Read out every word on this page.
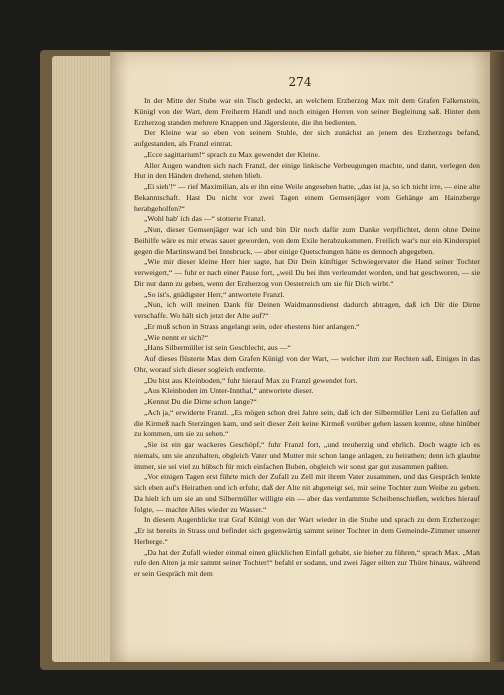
274

In der Mitte der Stube war ein Tisch gedeckt, an welchem Erzherzog Max mit dem Grafen Falkenstein, Künigl von der Wart, dem Freiherrn Handl und noch einigen Herren von seiner Begleitung saß. Hinter dem Erzherzog standen mehrere Knappen und Jägersleute, die ihn bedienten.

Der Kleine war so eben von seinem Stuhle, der sich zunächst an jenem des Erzherzogs befand, aufgestanden, als Franzl eintrat.

„Ecce sagittarium!“ sprach zu Max gewendet der Kleine.

Aller Augen wandten sich nach Franzl, der einige linkische Verbeugungen machte, und dann, verlegen den Hut in den Händen drehend, stehen blieb.

„Ei sieh'!“ — rief Maximilian, als er ihn eine Weile angesehen hatte, „das ist ja, so ich nicht irre, — eine alte Bekanntschaft. Hast Du nicht vor zwei Tagen einem Gemsenjäger vom Gehänge am Hainzberge herabgeholfen?“

„Wohl hab' ich das —“ stotterte Franzl.

„Nun, dieser Gemsenjäger war ich und bin Dir noch dafür zum Danke verpflichtet, denn ohne Deine Beihilfe wäre es mir etwas sauer geworden, von dem Exile herabzukommen. Freilich war's nur ein Kinderspiel gegen die Martinswand bei Innsbruck, — aber einige Quetschungen hätte es dennoch abgegeben.

„Wie mir dieser kleine Herr hier sagte, hat Dir Dein künftiger Schwiegervater die Hand seiner Tochter verweigert,“ — fuhr er nach einer Pause fort, „weil Du bei ihm verleumdet worden, und hat geschworen, — sie Dir nur dann zu geben, wenn der Erzherzog von Oesterreich um sie für Dich wirbt.“

„So ist's, gnädigster Herr,“ antwortete Franzl.

„Nun, ich will meinen Dank für Deinen Waidmannsdienst dadurch abtragen, daß ich Dir die Dirne verschaffe. Wo hält sich jetzt der Alte auf?“

„Er muß schon in Strass angelangt sein, oder ehestens hier anlangen.“

„Wie nennt er sich?“

„Hans Silbermüller ist sein Geschlecht, aus —“

Auf dieses flüsterte Max dem Grafen Künigl von der Wart, — welcher ihm zur Rechten saß, Einiges in das Ohr, worauf sich dieser sogleich entfernte.

„Du bist aus Kleinboden,“ fuhr hierauf Max zu Franzl gewendet fort.

„Aus Kleinboden im Unter-Innthal,“ antwortete dieser.

„Kennst Du die Dirne schon lange?“

„Ach ja,“ erwiderte Franzl. „Es mögen schon drei Jahre sein, daß ich der Silbermüller Leni zu Gefallen auf die Kirmeß nach Sterzingen kam, und seit dieser Zeit keine Kirmeß vorüber gehen lassen konnte, ohne hinüber zu kommen, um sie zu sehen.“

„Sie ist ein gar wackeres Geschöpf,“ fuhr Franzl fort, „und treuherzig und ehrlich. Doch wagte ich es niemals, um sie anzuhalten, obgleich Vater und Mutter mir schon lange anlagen, zu heirathen; denn ich glaubte immer, sie sei viel zu hübsch für mich einfachen Buben, obgleich wir sonst gar gut zusammen paßten.

„Vor einigen Tagen erst führte mich der Zufall zu Zell mit ihrem Vater zusammen, und das Gespräch lenkte sich eben auf's Heirathen und ich erfuhr, daß der Alte nit abgeneigt sei, mir seine Tochter zum Weibe zu geben. Da hielt ich um sie an und Silbermüller willigte ein — aber das verdammte Scheibenschießen, welches hierauf folgte, — machte Alles wieder zu Wasser.“

In diesem Augenblicke trat Graf Künigl von der Wart wieder in die Stube und sprach zu dem Erzherzoge: „Er ist bereits in Strass und befindet sich gegenwärtig sammt seiner Tochter in dem Gemeinde-Zimmer unserer Herberge.“

„Da hat der Zufall wieder einmal einen glücklichen Einfall gehabt, sie hieher zu führen,“ sprach Max. „Man rufe den Alten ja mir sammt seiner Tochter!“ befahl er sodann, und zwei Jäger eilten zur Thüre hinaus, während er sein Gespräch mit dem
